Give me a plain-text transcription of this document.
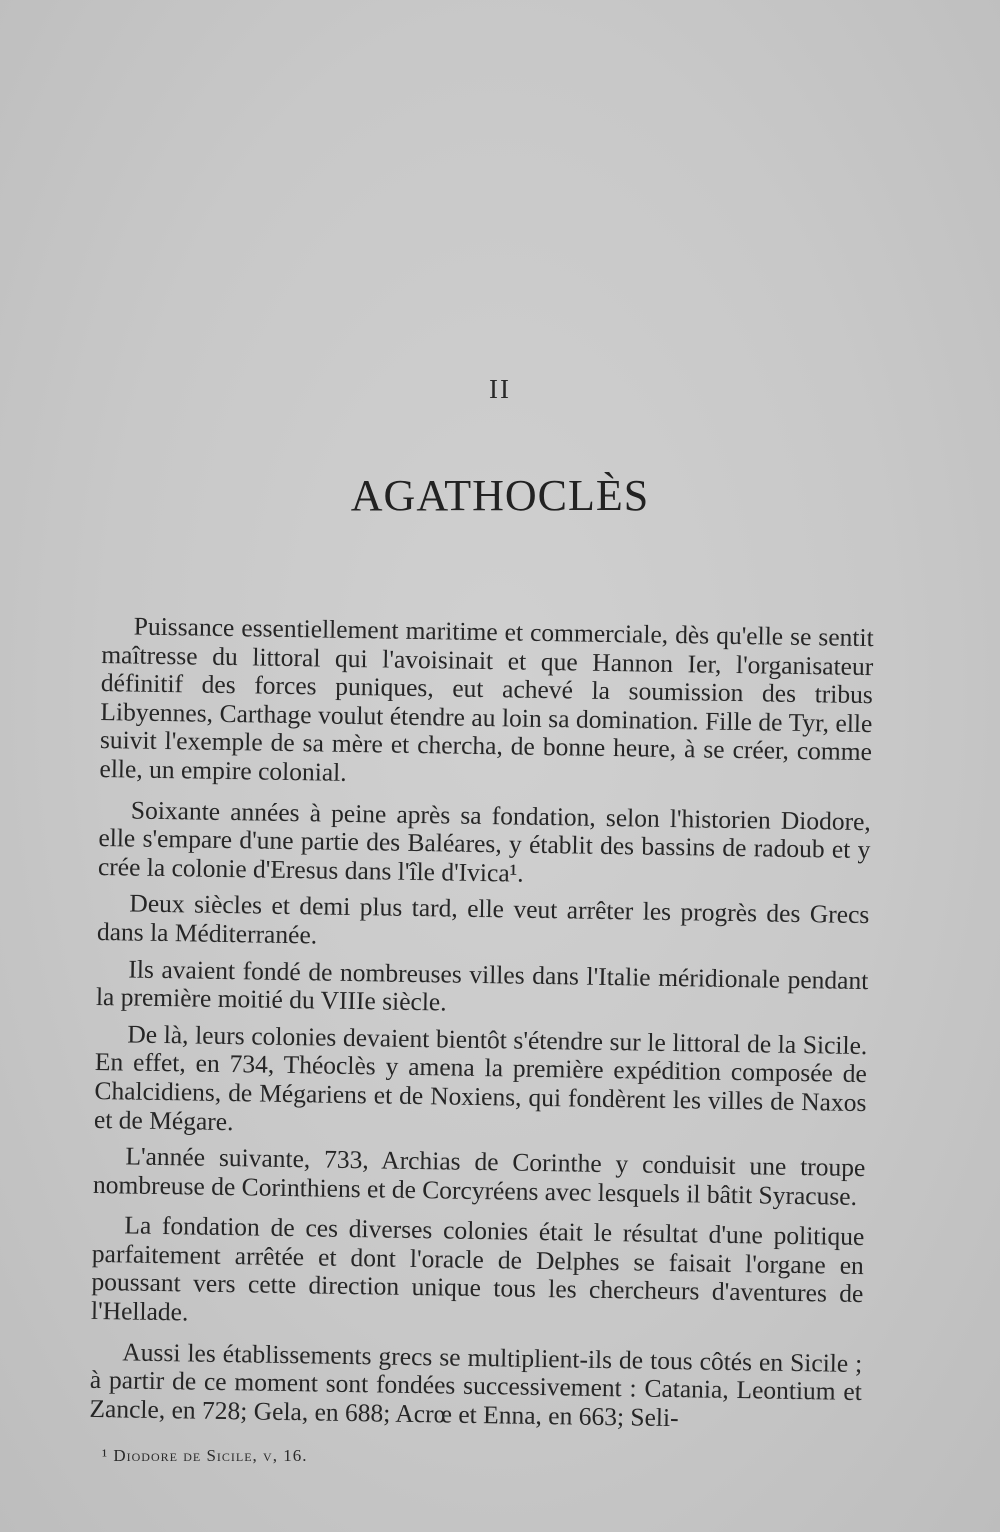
II
AGATHOCLÈS

Puissance essentiellement maritime et commerciale, dès qu'elle se sentit maîtresse du littoral qui l'avoisinait et que Hannon Ier, l'organisateur définitif des forces puniques, eut achevé la soumission des tribus Libyennes, Carthage voulut étendre au loin sa domination. Fille de Tyr, elle suivit l'exemple de sa mère et chercha, de bonne heure, à se créer, comme elle, un empire colonial.

Soixante années à peine après sa fondation, selon l'historien Diodore, elle s'empare d'une partie des Baléares, y établit des bassins de radoub et y crée la colonie d'Eresus dans l'île d'Ivica¹.

Deux siècles et demi plus tard, elle veut arrêter les progrès des Grecs dans la Méditerranée.

Ils avaient fondé de nombreuses villes dans l'Italie méridionale pendant la première moitié du VIIIe siècle.

De là, leurs colonies devaient bientôt s'étendre sur le littoral de la Sicile. En effet, en 734, Théoclès y amena la première expédition composée de Chalcidiens, de Mégariens et de Noxiens, qui fondèrent les villes de Naxos et de Mégare.

L'année suivante, 733, Archias de Corinthe y conduisit une troupe nombreuse de Corinthiens et de Corcyréens avec lesquels il bâtit Syracuse.

La fondation de ces diverses colonies était le résultat d'une politique parfaitement arrêtée et dont l'oracle de Delphes se faisait l'organe en poussant vers cette direction unique tous les chercheurs d'aventures de l'Hellade.

Aussi les établissements grecs se multiplient-ils de tous côtés en Sicile ; à partir de ce moment sont fondées successivement : Catania, Leontium et Zancle, en 728; Gela, en 688; Acrœ et Enna, en 663; Seli-

¹ Diodore de Sicile, v, 16.
